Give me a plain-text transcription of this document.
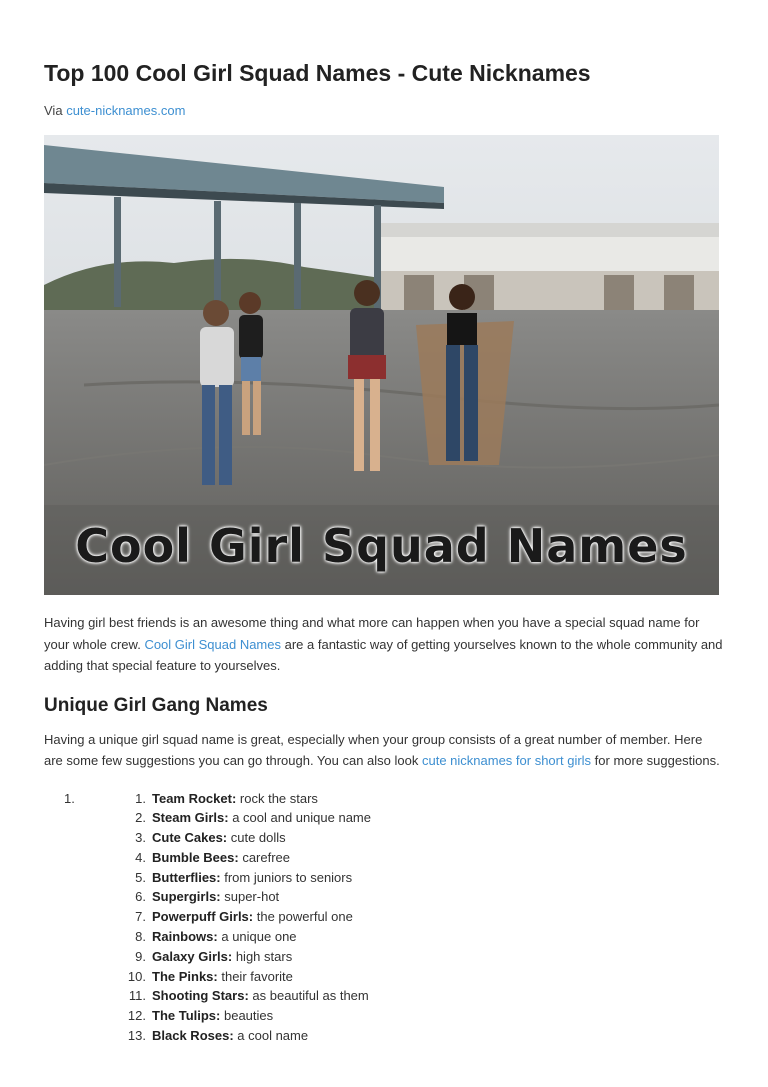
Top 100 Cool Girl Squad Names - Cute Nicknames
Via cute-nicknames.com
Cool Girl Squad Names

Having girl best friends is an awesome thing and what more can happen when you have a special squad name for your whole crew. Cool Girl Squad Names are a fantastic way of getting yourselves known to the whole community and adding that special feature to yourselves.

Unique Girl Gang Names

Having a unique girl squad name is great, especially when your group consists of a great number of member. Here are some few suggestions you can go through. You can also look cute nicknames for short girls for more suggestions.

1.	1. Team Rocket: rock the stars
2. Steam Girls: a cool and unique name
3. Cute Cakes: cute dolls
4. Bumble Bees: carefree
5. Butterflies: from juniors to seniors
6. Supergirls: super-hot
7. Powerpuff Girls: the powerful one
8. Rainbows: a unique one
9. Galaxy Girls: high stars
10. The Pinks: their favorite
11. Shooting Stars: as beautiful as them
12. The Tulips: beauties
13. Black Roses: a cool name
